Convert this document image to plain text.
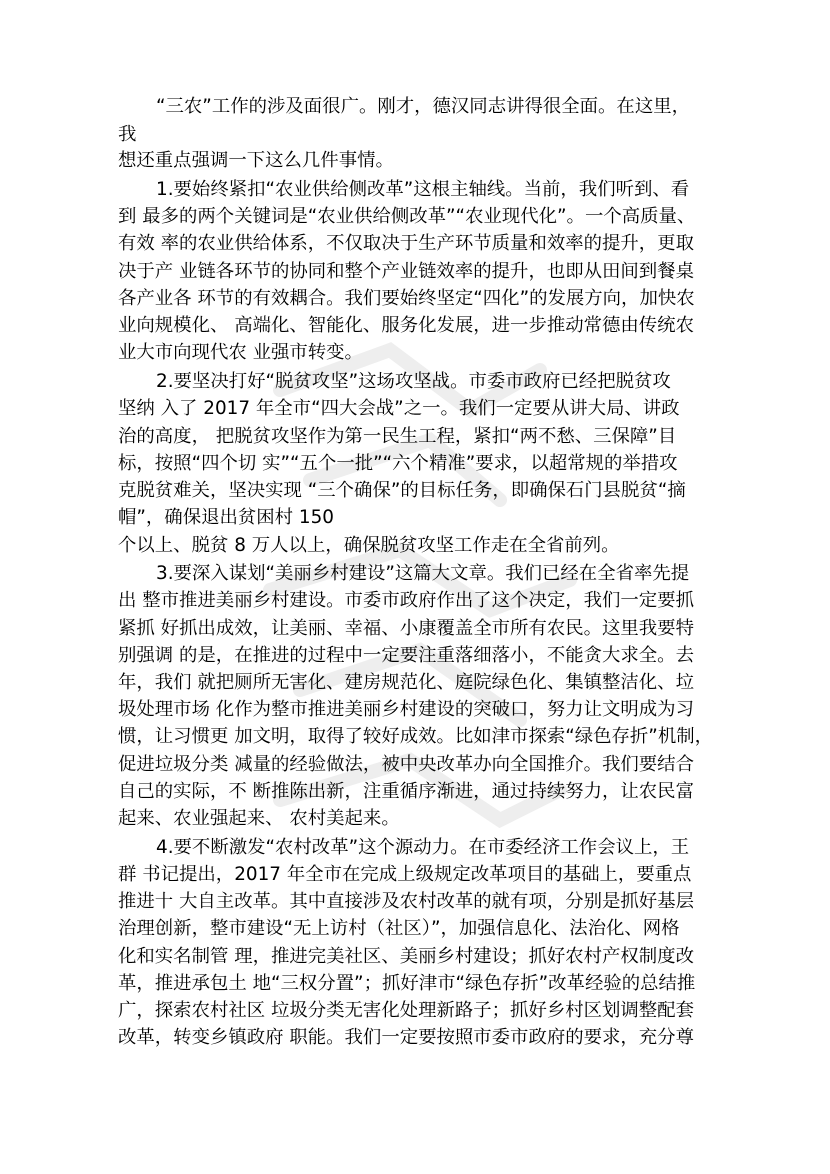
“三农”工作的涉及面很广。刚才，德汉同志讲得很全面。在这里，
我
想还重点强调一下这么几件事情。
1.要始终紧扣“农业供给侧改革”这根主轴线。当前，我们听到、看
到 最多的两个关键词是“农业供给侧改革”“农业现代化”。一个高质量、
有效 率的农业供给体系，不仅取决于生产环节质量和效率的提升，更取
决于产 业链各环节的协同和整个产业链效率的提升，也即从田间到餐桌
各产业各 环节的有效耦合。我们要始终坚定“四化”的发展方向，加快农
业向规模化、 高端化、智能化、服务化发展，进一步推动常德由传统农
业大市向现代农 业强市转变。
2.要坚决打好“脱贫攻坚”这场攻坚战。市委市政府已经把脱贫攻
坚纳 入了 2017 年全市“四大会战”之一。我们一定要从讲大局、讲政
治的高度， 把脱贫攻坚作为第一民生工程，紧扣“两不愁、三保障”目
标，按照“四个切 实”“五个一批”“六个精准”要求，以超常规的举措攻
克脱贫难关，坚决实现 “三个确保”的目标任务，即确保石门县脱贫“摘
帽”，确保退出贫困村 150
个以上、脱贫 8 万人以上，确保脱贫攻坚工作走在全省前列。
3.要深入谋划“美丽乡村建设”这篇大文章。我们已经在全省率先提
出 整市推进美丽乡村建设。市委市政府作出了这个决定，我们一定要抓
紧抓 好抓出成效，让美丽、幸福、小康覆盖全市所有农民。这里我要特
别强调 的是，在推进的过程中一定要注重落细落小，不能贪大求全。去
年，我们 就把厕所无害化、建房规范化、庭院绿色化、集镇整洁化、垃
圾处理市场 化作为整市推进美丽乡村建设的突破口，努力让文明成为习
惯，让习惯更 加文明，取得了较好成效。比如津市探索“绿色存折”机制，
促进垃圾分类 减量的经验做法，被中央改革办向全国推介。我们要结合
自己的实际，不 断推陈出新，注重循序渐进，通过持续努力，让农民富
起来、农业强起来、 农村美起来。
4.要不断激发“农村改革”这个源动力。在市委经济工作会议上，王
群 书记提出，2017 年全市在完成上级规定改革项目的基础上，要重点
推进十 大自主改革。其中直接涉及农村改革的就有项，分别是抓好基层
治理创新，整市建设“无上访村（社区）”，加强信息化、法治化、网格
化和实名制管 理，推进完美社区、美丽乡村建设；抓好农村产权制度改
革，推进承包土 地“三权分置”；抓好津市“绿色存折”改革经验的总结推
广，探索农村社区 垃圾分类无害化处理新路子；抓好乡村区划调整配套
改革，转变乡镇政府 职能。我们一定要按照市委市政府的要求，充分尊
